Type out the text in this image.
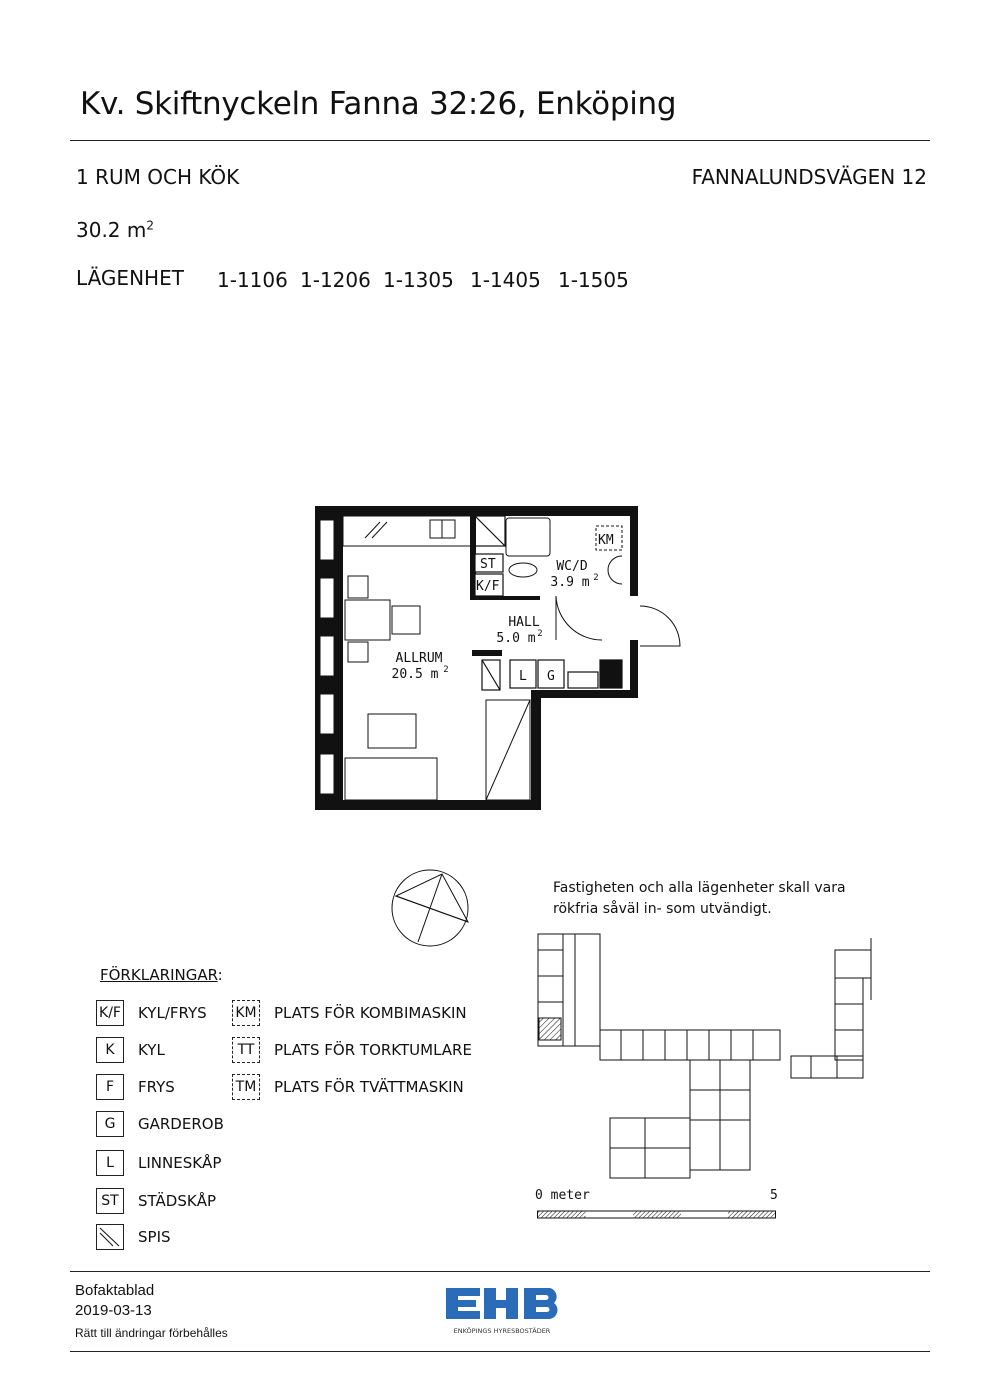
Kv. Skiftnyckeln Fanna 32:26, Enköping
1 RUM OCH KÖK	FANNALUNDSVÄGEN 12
30.2 $m^2$
LÄGENHET 1-1106 1-1206 1-1305 1-1405 1-1505
ST
K/F
KM
L G
ALLRUM
20.5 m 2
WC/D
3.9 m 2
HALL
5.0 m 2
Fastigheten och alla lägenheter skall vara
rökfria såväl in- som utvändigt.
0 meter	5
FÖRKLARINGAR:
K/F KYL/FRYS
K	KYL
F	FRYS
G	GARDEROB
L	LINNESKÅP
ST	STÄDSKÅP
SPIS
KM PLATS FÖR KOMBIMASKIN
TT	PLATS FÖR TORKTUMLARE
TM PLATS FÖR TVÄTTMASKIN
Bofaktablad
2019-03-13
Rätt till ändringar förbehålles	ENKÖPINGS HYRESBOSTÄDER
